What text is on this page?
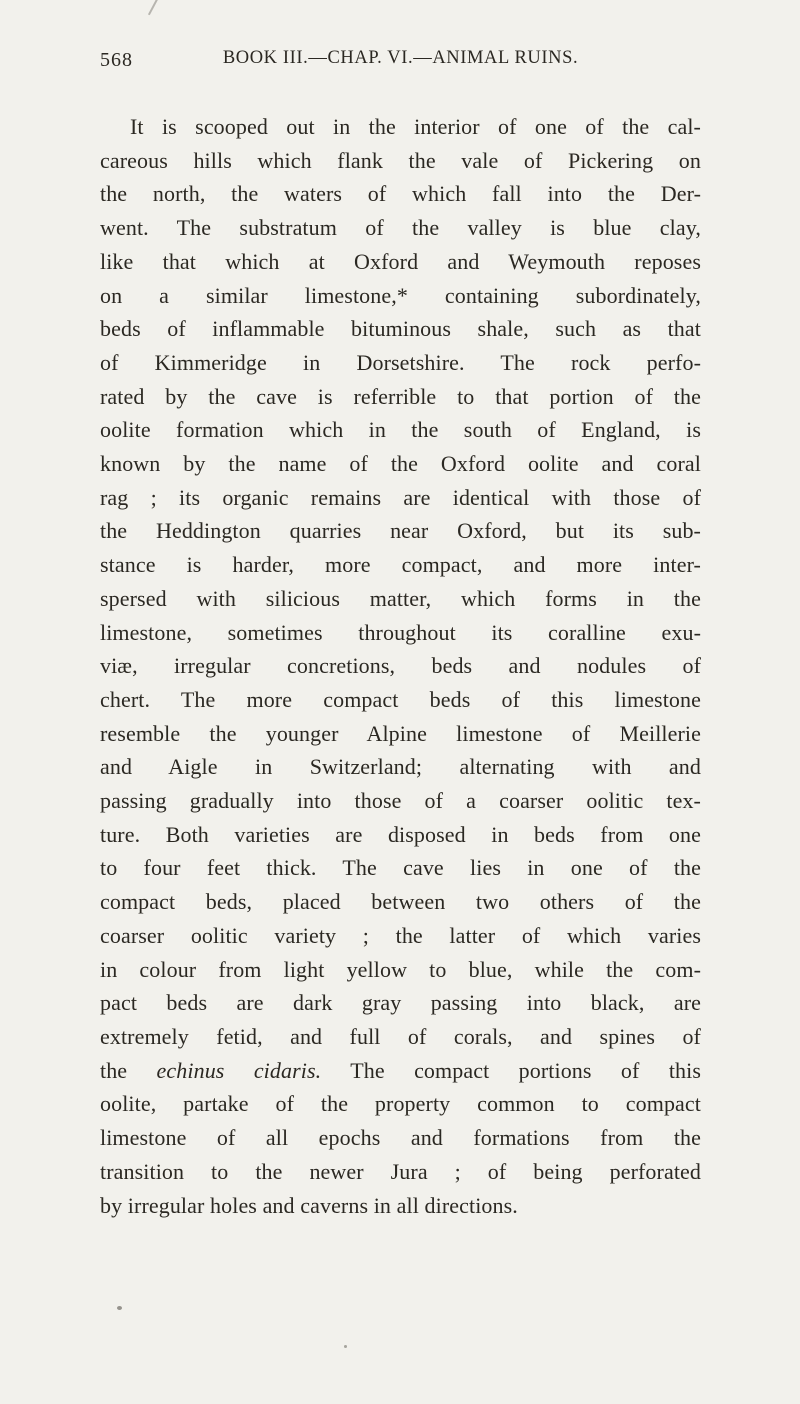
568	BOOK III.—CHAP. VI.—ANIMAL RUINS.
It is scooped out in the interior of one of the cal-
careous hills which flank the vale of Pickering on
the north, the waters of which fall into the Der-
went. The substratum of the valley is blue clay,
like that which at Oxford and Weymouth reposes
on a similar limestone,* containing subordinately,
beds of inflammable bituminous shale, such as that
of Kimmeridge in Dorsetshire. The rock perfo-
rated by the cave is referrible to that portion of the
oolite formation which in the south of England, is
known by the name of the Oxford oolite and coral
rag ; its organic remains are identical with those of
the Heddington quarries near Oxford, but its sub-
stance is harder, more compact, and more inter-
spersed with silicious matter, which forms in the
limestone, sometimes throughout its coralline exu-
viæ, irregular concretions, beds and nodules of
chert. The more compact beds of this limestone
resemble the younger Alpine limestone of Meillerie
and Aigle in Switzerland; alternating with and
passing gradually into those of a coarser oolitic tex-
ture. Both varieties are disposed in beds from one
to four feet thick. The cave lies in one of the
compact beds, placed between two others of the
coarser oolitic variety ; the latter of which varies
in colour from light yellow to blue, while the com-
pact beds are dark gray passing into black, are
extremely fetid, and full of corals, and spines of
the echinus cidaris. The compact portions of this
oolite, partake of the property common to compact
limestone of all epochs and formations from the
transition to the newer Jura ; of being perforated
by irregular holes and caverns in all directions.
